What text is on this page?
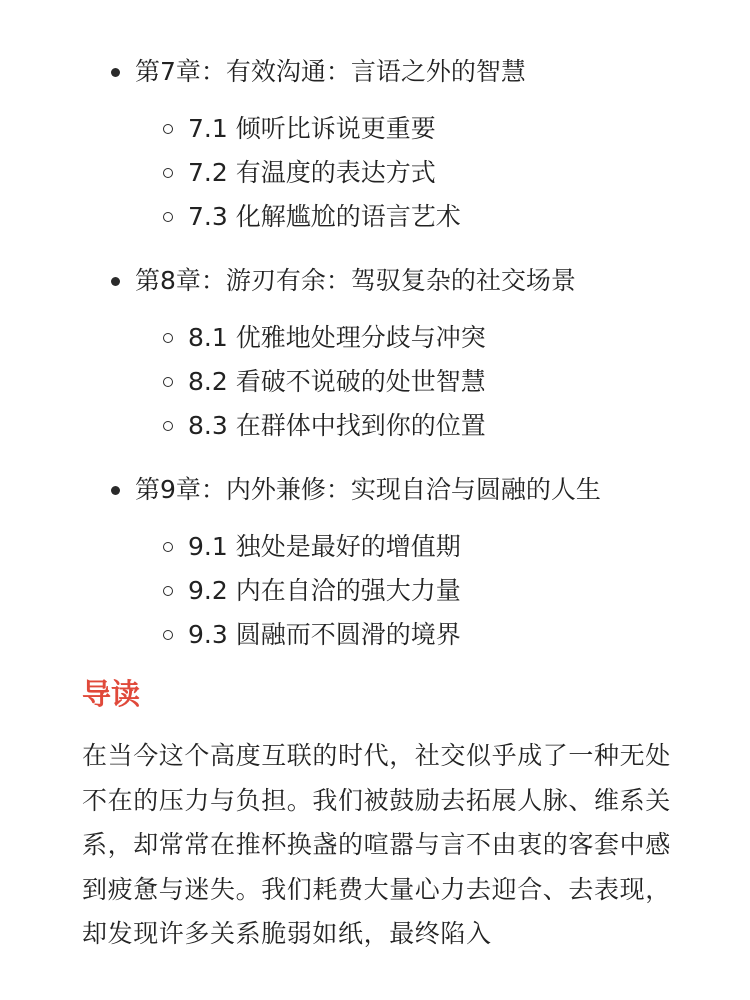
第7章：有效沟通：言语之外的智慧
7.1 倾听比诉说更重要
7.2 有温度的表达方式
7.3 化解尴尬的语言艺术
第8章：游刃有余：驾驭复杂的社交场景
8.1 优雅地处理分歧与冲突
8.2 看破不说破的处世智慧
8.3 在群体中找到你的位置
第9章：内外兼修：实现自洽与圆融的人生
9.1 独处是最好的增值期
9.2 内在自洽的强大力量
9.3 圆融而不圆滑的境界
导读

在当今这个高度互联的时代，社交似乎成了一种无处不在的压力与负担。我们被鼓励去拓展人脉、维系关系，却常常在推杯换盏的喧嚣与言不由衷的客套中感到疲惫与迷失。我们耗费大量心力去迎合、去表现，却发现许多关系脆弱如纸，最终陷入
